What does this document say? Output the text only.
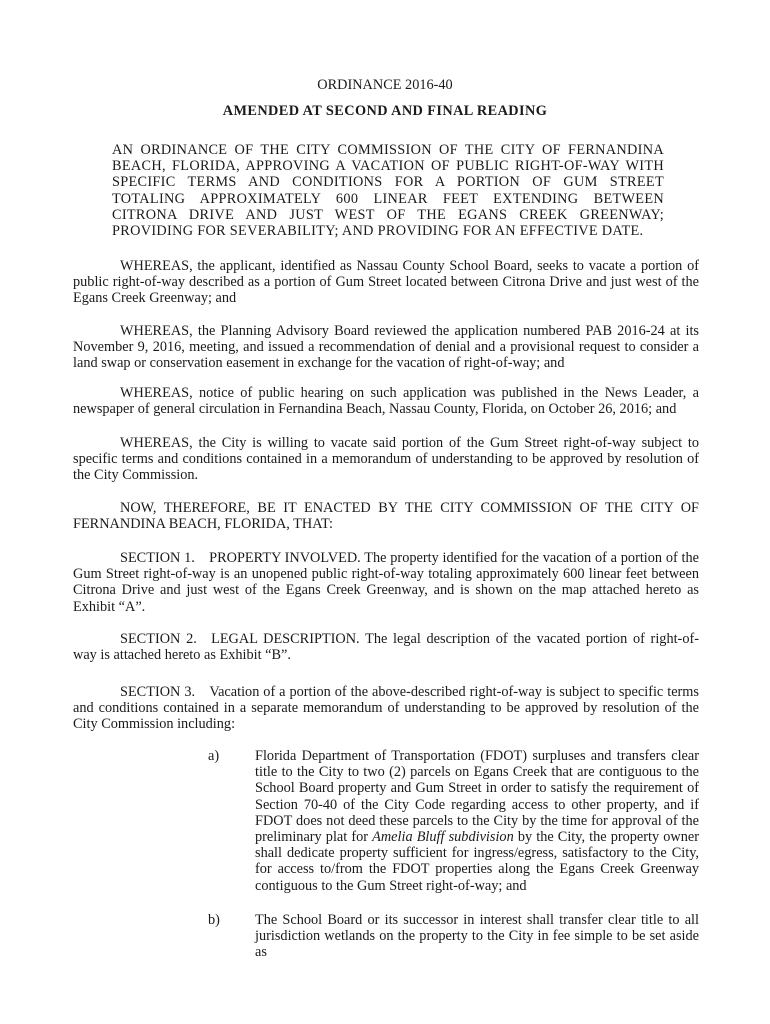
ORDINANCE 2016-40
AMENDED AT SECOND AND FINAL READING
AN ORDINANCE OF THE CITY COMMISSION OF THE CITY OF FERNANDINA BEACH, FLORIDA, APPROVING A VACATION OF PUBLIC RIGHT-OF-WAY WITH SPECIFIC TERMS AND CONDITIONS FOR A PORTION OF GUM STREET TOTALING APPROXIMATELY 600 LINEAR FEET EXTENDING BETWEEN CITRONA DRIVE AND JUST WEST OF THE EGANS CREEK GREENWAY; PROVIDING FOR SEVERABILITY; AND PROVIDING FOR AN EFFECTIVE DATE.
WHEREAS, the applicant, identified as Nassau County School Board, seeks to vacate a portion of public right-of-way described as a portion of Gum Street located between Citrona Drive and just west of the Egans Creek Greenway; and
WHEREAS, the Planning Advisory Board reviewed the application numbered PAB 2016-24 at its November 9, 2016, meeting, and issued a recommendation of denial and a provisional request to consider a land swap or conservation easement in exchange for the vacation of right-of-way; and
WHEREAS, notice of public hearing on such application was published in the News Leader, a newspaper of general circulation in Fernandina Beach, Nassau County, Florida, on October 26, 2016; and
WHEREAS, the City is willing to vacate said portion of the Gum Street right-of-way subject to specific terms and conditions contained in a memorandum of understanding to be approved by resolution of the City Commission.
NOW, THEREFORE, BE IT ENACTED BY THE CITY COMMISSION OF THE CITY OF FERNANDINA BEACH, FLORIDA, THAT:
SECTION 1. PROPERTY INVOLVED. The property identified for the vacation of a portion of the Gum Street right-of-way is an unopened public right-of-way totaling approximately 600 linear feet between Citrona Drive and just west of the Egans Creek Greenway, and is shown on the map attached hereto as Exhibit “A”.
SECTION 2. LEGAL DESCRIPTION. The legal description of the vacated portion of right-of-way is attached hereto as Exhibit “B”.
SECTION 3. Vacation of a portion of the above-described right-of-way is subject to specific terms and conditions contained in a separate memorandum of understanding to be approved by resolution of the City Commission including:
a)	Florida Department of Transportation (FDOT) surpluses and transfers clear title to the City to two (2) parcels on Egans Creek that are contiguous to the School Board property and Gum Street in order to satisfy the requirement of Section 70-40 of the City Code regarding access to other property, and if FDOT does not deed these parcels to the City by the time for approval of the preliminary plat for Amelia Bluff subdivision by the City, the property owner shall dedicate property sufficient for ingress/egress, satisfactory to the City, for access to/from the FDOT properties along the Egans Creek Greenway contiguous to the Gum Street right-of-way; and
b) The School Board or its successor in interest shall transfer clear title to all jurisdiction wetlands on the property to the City in fee simple to be set aside as
